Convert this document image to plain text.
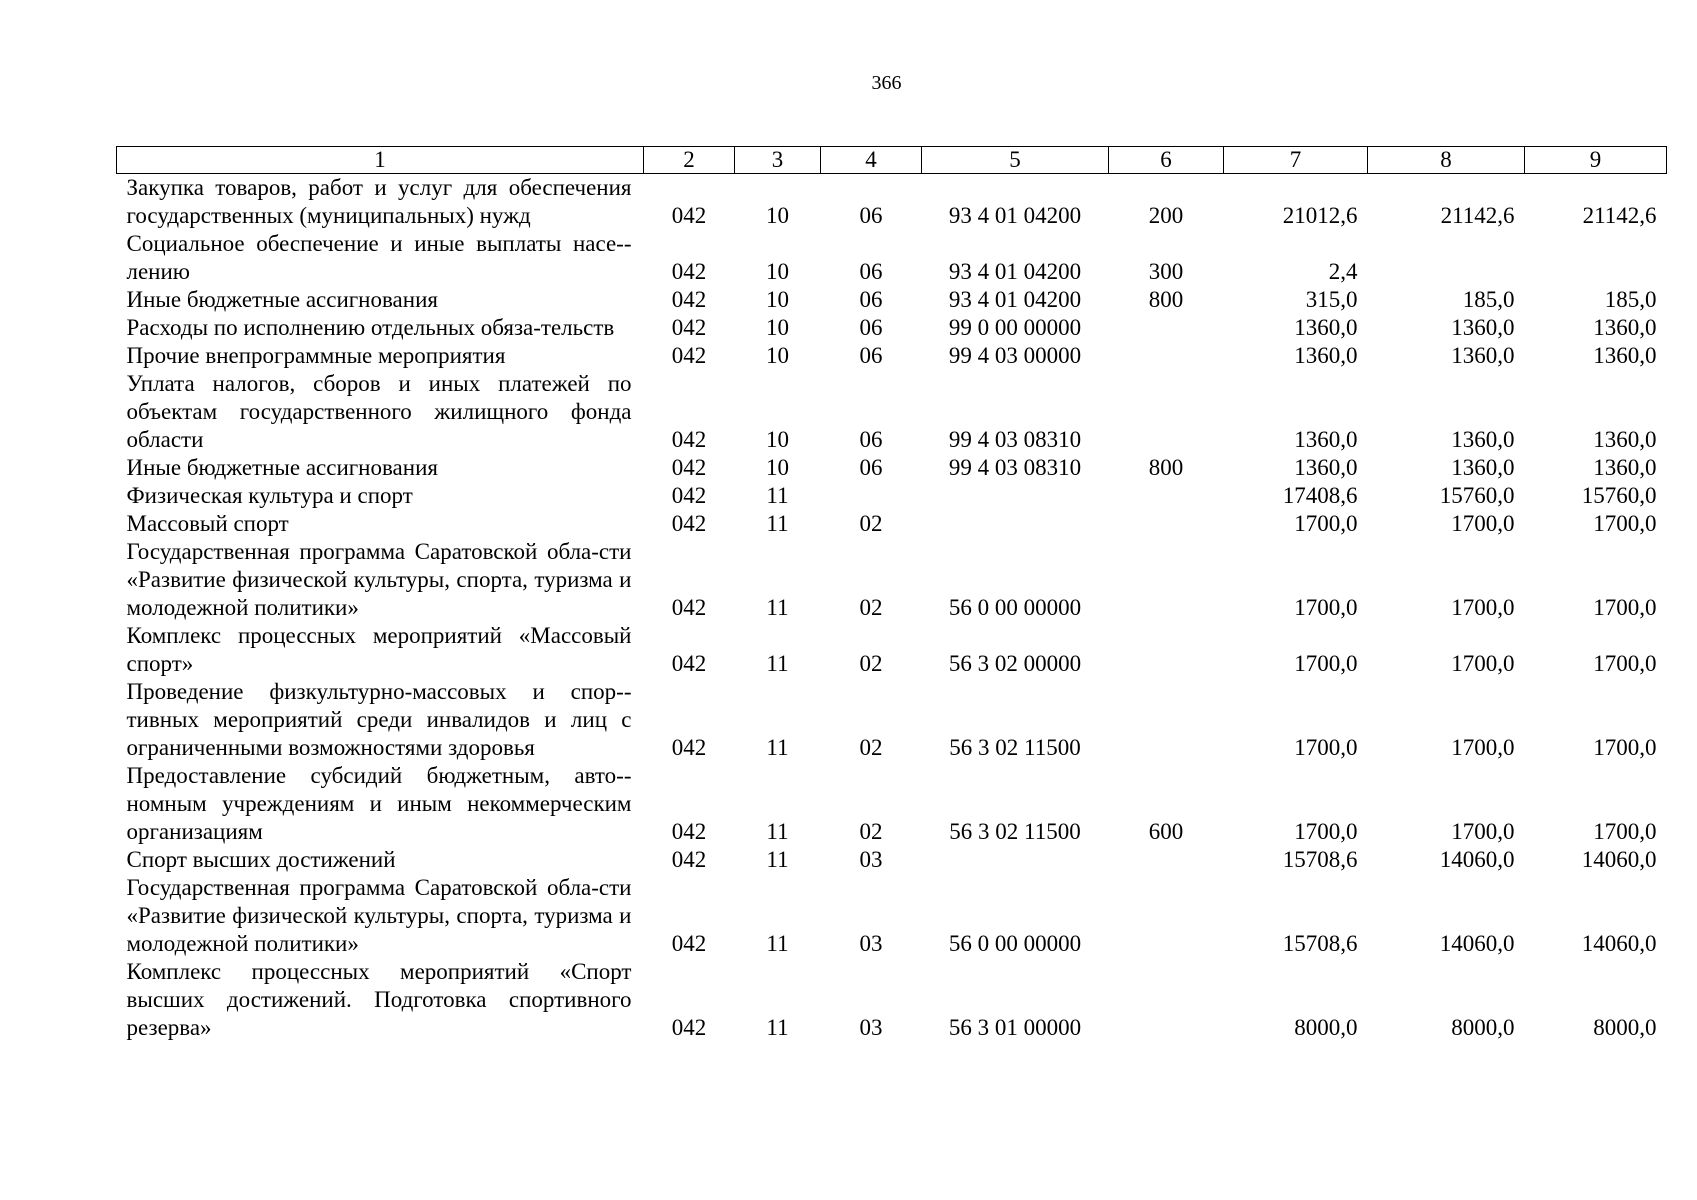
366
1	2	3	4	5	6	7	8	9
Закупка товаров, работ и услуг для обеспечения государственных (муниципальных) нужд	042	10	06	93 4 01 04200	200	21012,6	21142,6	21142,6
Социальное обеспечение и иные выплаты насе-лению	042	10	06	93 4 01 04200	300	2,4		
Иные бюджетные ассигнования	042	10	06	93 4 01 04200	800	315,0	185,0	185,0
Расходы по исполнению отдельных обяза-тельств	042	10	06	99 0 00 00000		1360,0	1360,0	1360,0
Прочие внепрограммные мероприятия	042	10	06	99 4 03 00000		1360,0	1360,0	1360,0
Уплата налогов, сборов и иных платежей по объектам государственного жилищного фонда области	042	10	06	99 4 03 08310		1360,0	1360,0	1360,0
Иные бюджетные ассигнования	042	10	06	99 4 03 08310	800	1360,0	1360,0	1360,0
Физическая культура и спорт	042	11				17408,6	15760,0	15760,0
Массовый спорт	042	11	02			1700,0	1700,0	1700,0
Государственная программа Саратовской обла-сти «Развитие физической культуры, спорта, туризма и молодежной политики»	042	11	02	56 0 00 00000		1700,0	1700,0	1700,0
Комплекс процессных мероприятий «Массовый спорт»	042	11	02	56 3 02 00000		1700,0	1700,0	1700,0
Проведение физкультурно-массовых и спор-тивных мероприятий среди инвалидов и лиц с ограниченными возможностями здоровья	042	11	02	56 3 02 11500		1700,0	1700,0	1700,0
Предоставление субсидий бюджетным, авто-номным учреждениям и иным некоммерческим организациям	042	11	02	56 3 02 11500	600	1700,0	1700,0	1700,0
Спорт высших достижений	042	11	03			15708,6	14060,0	14060,0
Государственная программа Саратовской обла-сти «Развитие физической культуры, спорта, туризма и молодежной политики»	042	11	03	56 0 00 00000		15708,6	14060,0	14060,0
Комплекс процессных мероприятий «Спорт высших достижений. Подготовка спортивного резерва»	042	11	03	56 3 01 00000		8000,0	8000,0	8000,0
